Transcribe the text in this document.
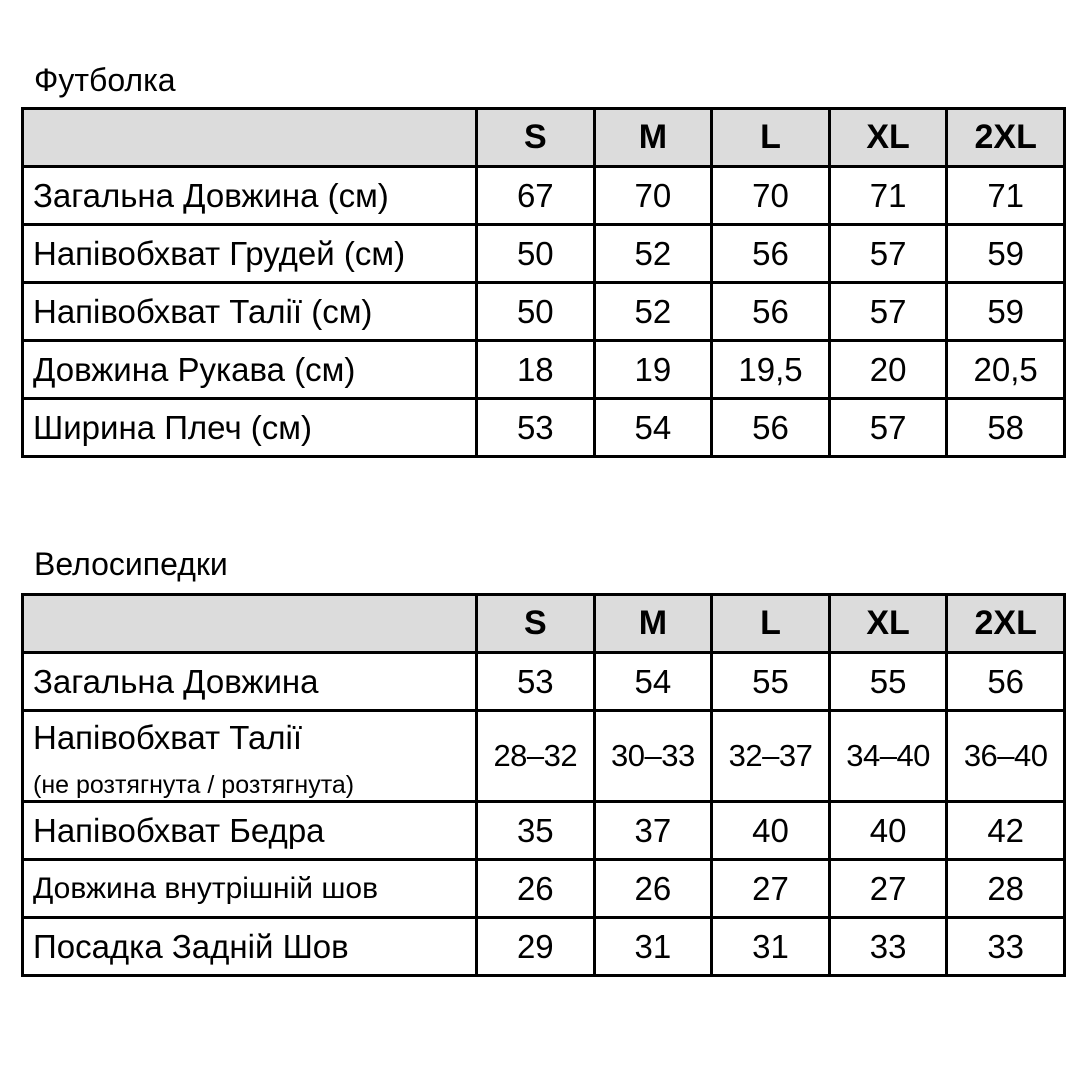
Футболка
	S	M	L	XL	2XL
Загальна Довжина (см)	67	70	70	71	71
Напівобхват Грудей (см)	50	52	56	57	59
Напівобхват Талії (см)	50	52	56	57	59
Довжина Рукава (см)	18	19	19,5	20	20,5
Ширина Плеч (см)	53	54	56	57	58
Велосипедки
	S	M	L	XL	2XL
Загальна Довжина	53	54	55	55	56

Напівобхват Талії
(не розтягнута / розтягнута)	28–32	30–33	32–37	34–40	36–40
Напівобхват Бедра	35	37	40	40	42
Довжина внутрішній шов	26	26	27	27	28
Посадка Задній Шов	29	31	31	33	33
